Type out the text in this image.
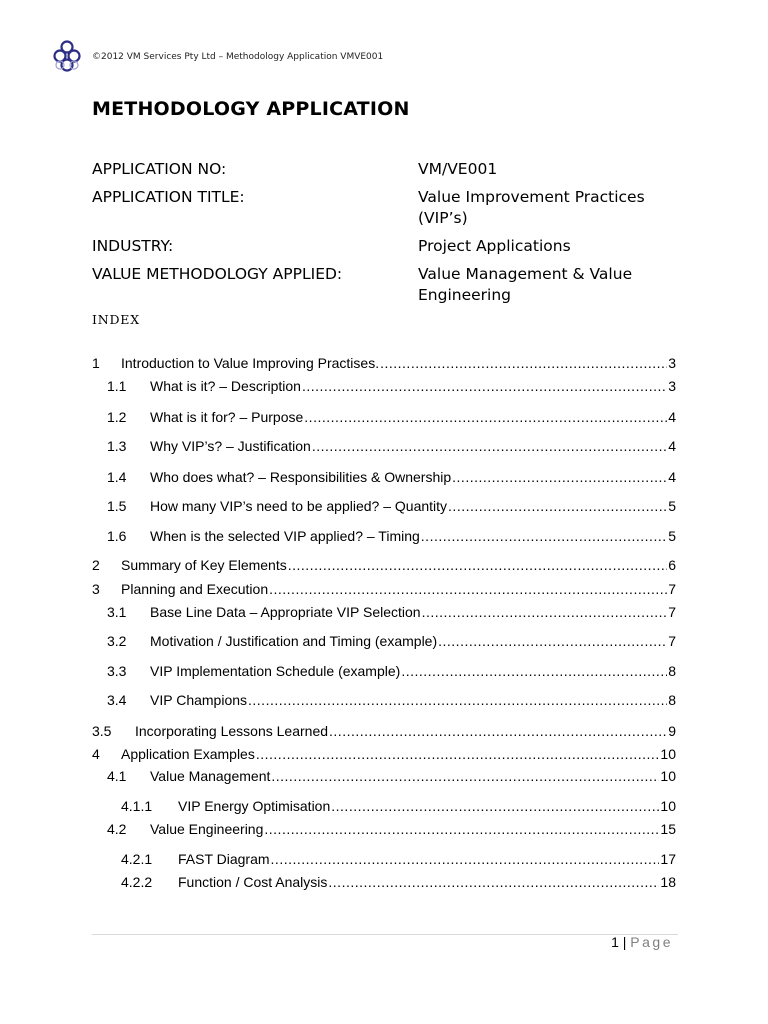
©2012 VM Services Pty Ltd – Methodology Application VMVE001
METHODOLOGY APPLICATION
APPLICATION NO:	VM/VE001
APPLICATION TITLE:	Value Improvement Practices (VIP’s)
INDUSTRY:	Project Applications
VALUE METHODOLOGY APPLIED:	Value Management & Value Engineering
INDEX
1	Introduction to Value Improving Practises. .....	3
1.1	What is it? – Description .....	3
1.2	What is it for? – Purpose .....	4
1.3	Why VIP’s? – Justification .....	4
1.4	Who does what? – Responsibilities & Ownership .....	4
1.5	How many VIP’s need to be applied? – Quantity .....	5
1.6	When is the selected VIP applied? – Timing .....	5
2	Summary of Key Elements .....	6
3	Planning and Execution .....	7
3.1	Base Line Data – Appropriate VIP Selection .....	7
3.2	Motivation / Justification and Timing (example) .....	7
3.3	VIP Implementation Schedule (example) .....	8
3.4	VIP Champions .....	8
3.5	Incorporating Lessons Learned .....	9
4	Application Examples .....	10
4.1	Value Management .....	10
4.1.1	VIP Energy Optimisation .....	10
4.2	Value Engineering .....	15
4.2.1	FAST Diagram .....	17
4.2.2	Function / Cost Analysis .....	18
1 | Page
